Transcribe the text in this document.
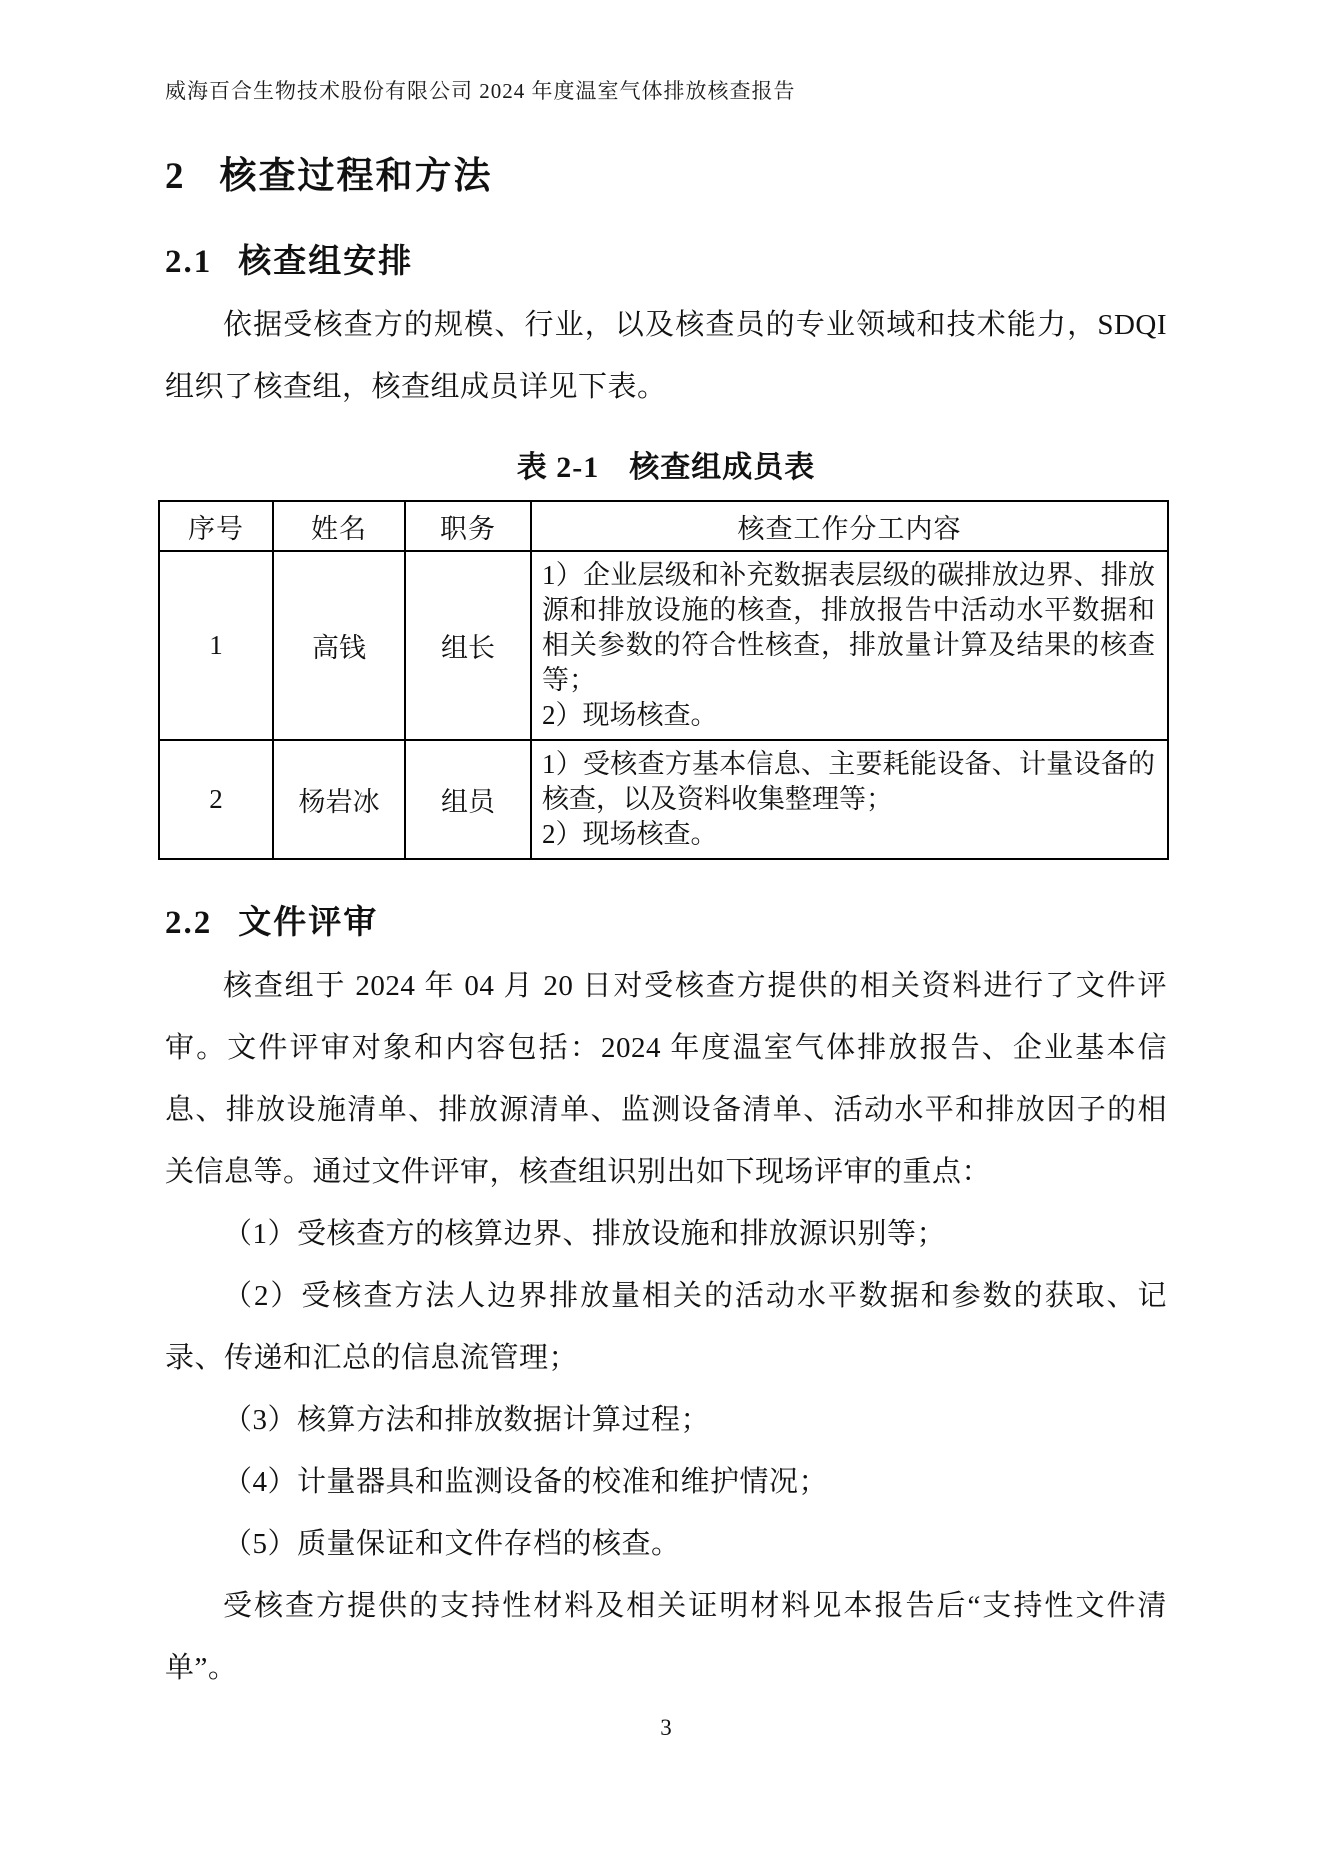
威海百合生物技术股份有限公司 2024 年度温室气体排放核查报告
2 核查过程和方法
2.1 核查组安排

依据受核查方的规模、行业，以及核查员的专业领域和技术能力，SDQI 组织了核查组，核查组成员详见下表。

表 2-1 核查组成员表
序号	姓名	职务	核查工作分工内容
1	高钱	组长	1）企业层级和补充数据表层级的碳排放边界、排放源和排放设施的核查，排放报告中活动水平数据和相关参数的符合性核查，排放量计算及结果的核查等；
2）现场核查。

2	杨岩冰	组员	1）受核查方基本信息、主要耗能设备、计量设备的核查，以及资料收集整理等；
2）现场核查。
2.2 文件评审

核查组于 2024 年 04 月 20 日对受核查方提供的相关资料进行了文件评审。文件评审对象和内容包括：2024 年度温室气体排放报告、企业基本信息、排放设施清单、排放源清单、监测设备清单、活动水平和排放因子的相关信息等。通过文件评审，核查组识别出如下现场评审的重点：

（1）受核查方的核算边界、排放设施和排放源识别等；

（2）受核查方法人边界排放量相关的活动水平数据和参数的获取、记录、传递和汇总的信息流管理；

（3）核算方法和排放数据计算过程；

（4）计量器具和监测设备的校准和维护情况；

（5）质量保证和文件存档的核查。

受核查方提供的支持性材料及相关证明材料见本报告后“支持性文件清单”。

3
